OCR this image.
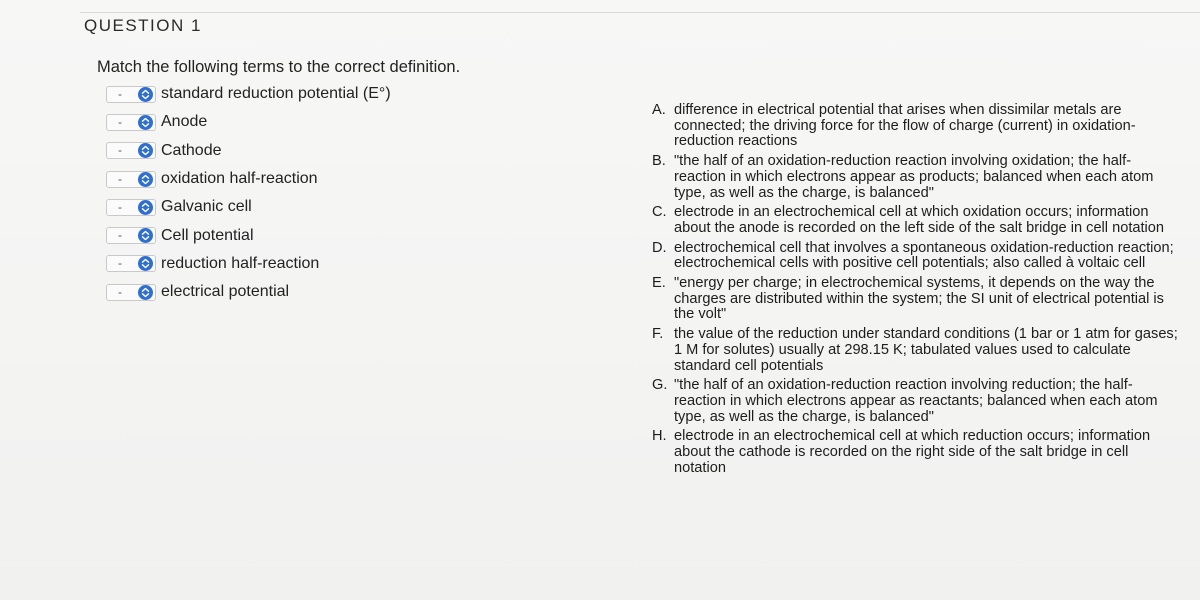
QUESTION 1
Match the following terms to the correct definition.
-	standard reduction potential (E°)
-	Anode
-	Cathode
-	oxidation half-reaction
-	Galvanic cell
-	Cell potential
-	reduction half-reaction
-	electrical potential
A. difference in electrical potential that arises when dissimilar metals are connected; the driving force for the flow of charge (current) in oxidation-reduction reactions
B. "the half of an oxidation-reduction reaction involving oxidation; the half-reaction in which electrons appear as products; balanced when each atom type, as well as the charge, is balanced"
C. electrode in an electrochemical cell at which oxidation occurs; information about the anode is recorded on the left side of the salt bridge in cell notation
D. electrochemical cell that involves a spontaneous oxidation-reduction reaction; electrochemical cells with positive cell potentials; also called à voltaic cell
E. "energy per charge; in electrochemical systems, it depends on the way the charges are distributed within the system; the SI unit of electrical potential is the volt"
F. the value of the reduction under standard conditions (1 bar or 1 atm for gases; 1 M for solutes) usually at 298.15 K; tabulated values used to calculate standard cell potentials
G. "the half of an oxidation-reduction reaction involving reduction; the half-reaction in which electrons appear as reactants; balanced when each atom type, as well as the charge, is balanced"
H. electrode in an electrochemical cell at which reduction occurs; information about the cathode is recorded on the right side of the salt bridge in cell notation
